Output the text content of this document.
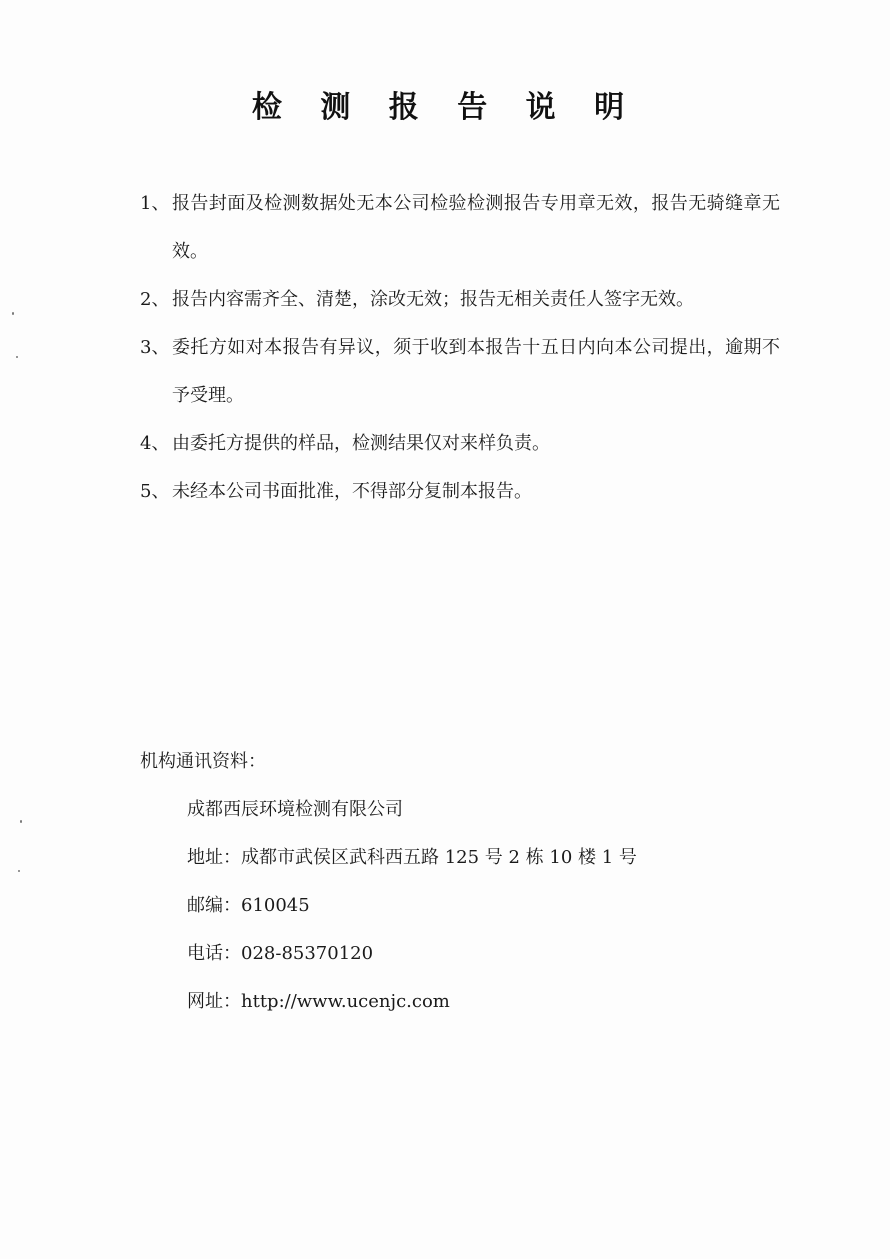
检 测 报 告 说 明
1、 报告封面及检测数据处无本公司检验检测报告专用章无效，报告无骑缝章无效。
2、 报告内容需齐全、清楚，涂改无效；报告无相关责任人签字无效。
3、 委托方如对本报告有异议，须于收到本报告十五日内向本公司提出，逾期不予受理。
4、 由委托方提供的样品，检测结果仅对来样负责。
5、 未经本公司书面批准，不得部分复制本报告。
机构通讯资料：
成都西辰环境检测有限公司
地址：成都市武侯区武科西五路 125 号 2 栋 10 楼 1 号
邮编：610045
电话：028-85370120
网址：http://www.ucenjc.com
